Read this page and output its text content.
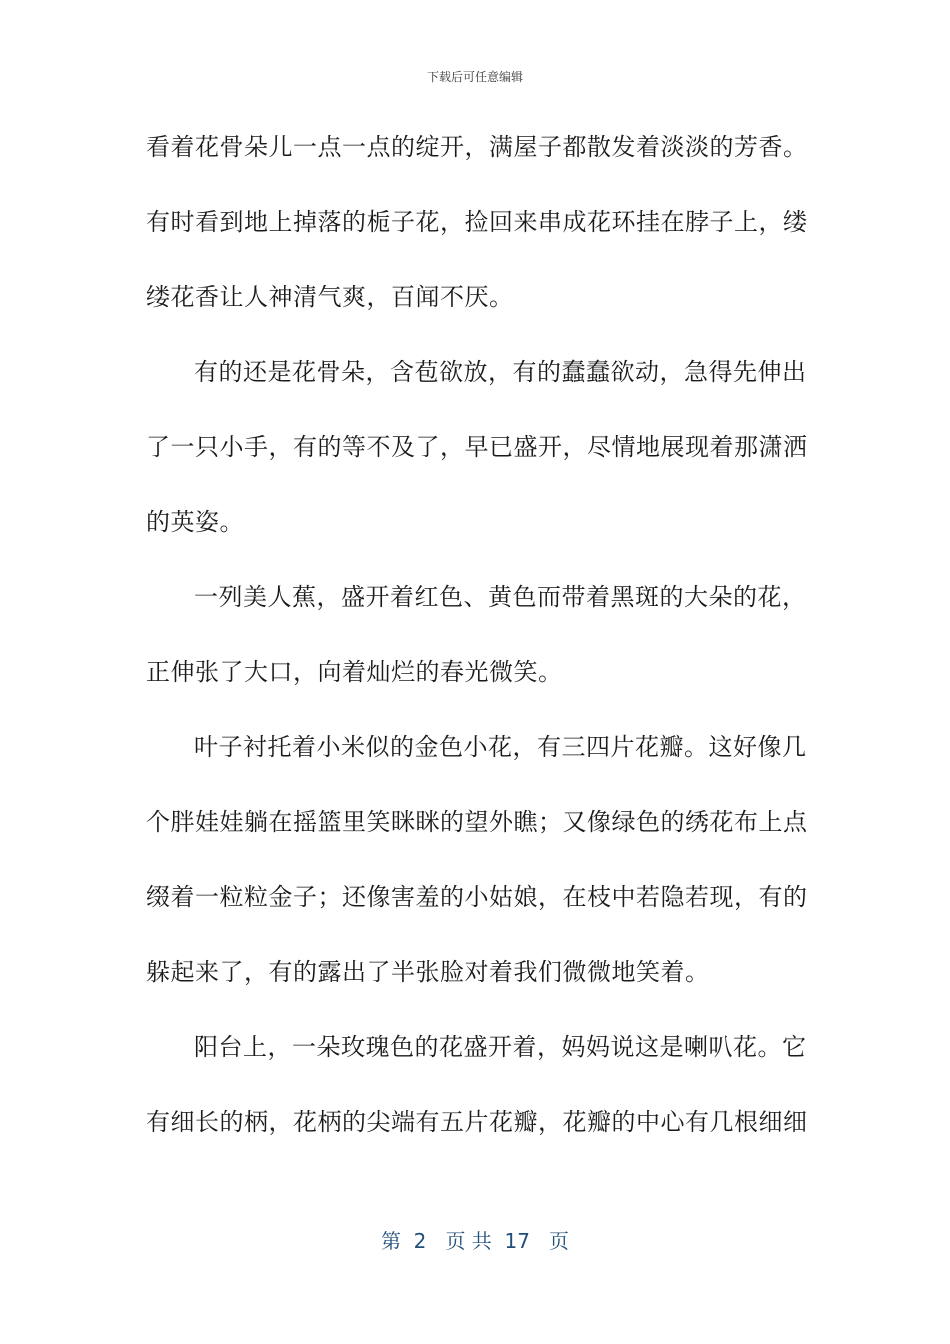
下载后可任意编辑
看着花骨朵儿一点一点的绽开，满屋子都散发着淡淡的芳香。
有时看到地上掉落的栀子花，捡回来串成花环挂在脖子上，缕
缕花香让人神清气爽，百闻不厌。
有的还是花骨朵，含苞欲放，有的蠢蠢欲动，急得先伸出
了一只小手，有的等不及了，早已盛开，尽情地展现着那潇洒
的英姿。
一列美人蕉，盛开着红色、黄色而带着黑斑的大朵的花，
正伸张了大口，向着灿烂的春光微笑。
叶子衬托着小米似的金色小花，有三四片花瓣。这好像几
个胖娃娃躺在摇篮里笑眯眯的望外瞧；又像绿色的绣花布上点
缀着一粒粒金子；还像害羞的小姑娘，在枝中若隐若现，有的
躲起来了，有的露出了半张脸对着我们微微地笑着。
阳台上，一朵玫瑰色的花盛开着，妈妈说这是喇叭花。它
有细长的柄，花柄的尖端有五片花瓣，花瓣的中心有几根细细
第  2   页 共  17   页
